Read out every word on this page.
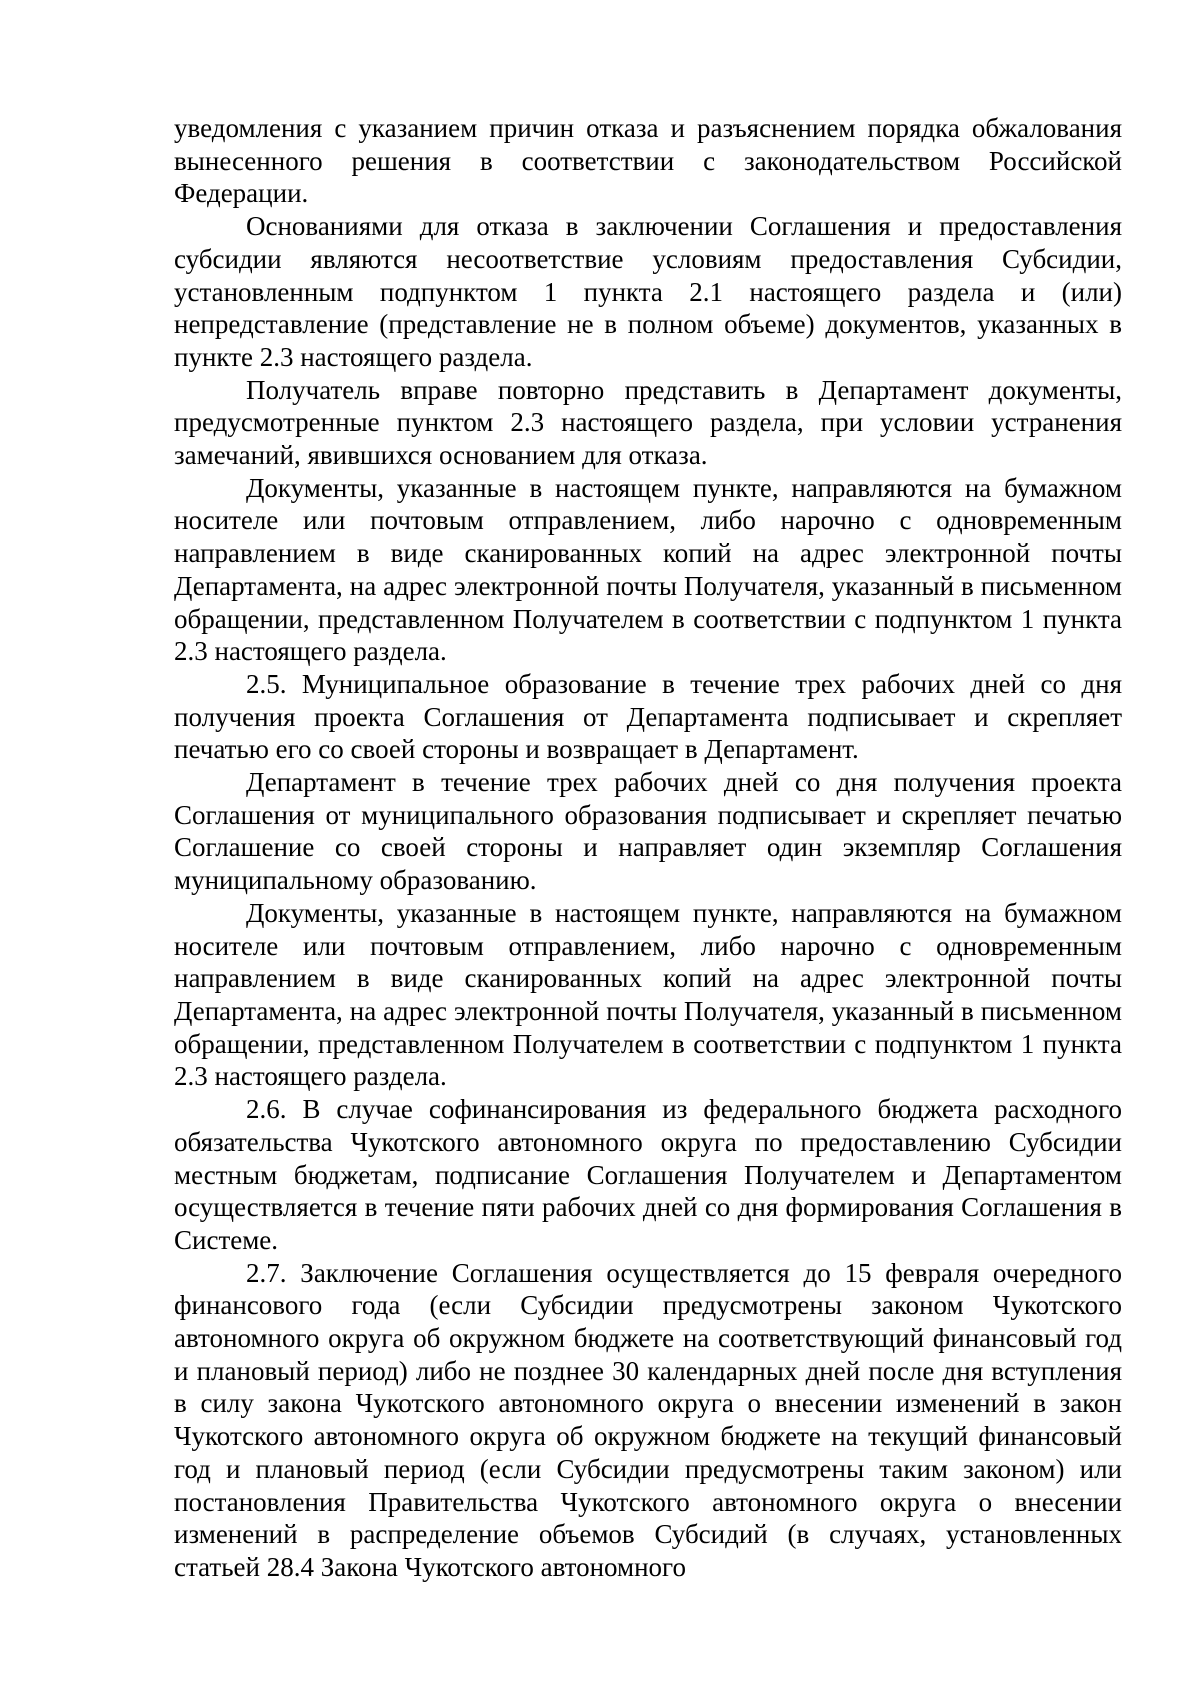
уведомления с указанием причин отказа и разъяснением порядка обжалования вынесенного решения в соответствии с законодательством Российской Федерации.

Основаниями для отказа в заключении Соглашения и предоставления субсидии являются несоответствие условиям предоставления Субсидии, установленным подпунктом 1 пункта 2.1 настоящего раздела и (или) непредставление (представление не в полном объеме) документов, указанных в пункте 2.3 настоящего раздела.

Получатель вправе повторно представить в Департамент документы, предусмотренные пунктом 2.3 настоящего раздела, при условии устранения замечаний, явившихся основанием для отказа.

Документы, указанные в настоящем пункте, направляются на бумажном носителе или почтовым отправлением, либо нарочно с одновременным направлением в виде сканированных копий на адрес электронной почты Департамента, на адрес электронной почты Получателя, указанный в письменном обращении, представленном Получателем в соответствии с подпунктом 1 пункта 2.3 настоящего раздела.

2.5. Муниципальное образование в течение трех рабочих дней со дня получения проекта Соглашения от Департамента подписывает и скрепляет печатью его со своей стороны и возвращает в Департамент.

Департамент в течение трех рабочих дней со дня получения проекта Соглашения от муниципального образования подписывает и скрепляет печатью Соглашение со своей стороны и направляет один экземпляр Соглашения муниципальному образованию.

Документы, указанные в настоящем пункте, направляются на бумажном носителе или почтовым отправлением, либо нарочно с одновременным направлением в виде сканированных копий на адрес электронной почты Департамента, на адрес электронной почты Получателя, указанный в письменном обращении, представленном Получателем в соответствии с подпунктом 1 пункта 2.3 настоящего раздела.

2.6. В случае софинансирования из федерального бюджета расходного обязательства Чукотского автономного округа по предоставлению Субсидии местным бюджетам, подписание Соглашения Получателем и Департаментом осуществляется в течение пяти рабочих дней со дня формирования Соглашения в Системе.

2.7. Заключение Соглашения осуществляется до 15 февраля очередного финансового года (если Субсидии предусмотрены законом Чукотского автономного округа об окружном бюджете на соответствующий финансовый год и плановый период) либо не позднее 30 календарных дней после дня вступления в силу закона Чукотского автономного округа о внесении изменений в закон Чукотского автономного округа об окружном бюджете на текущий финансовый год и плановый период (если Субсидии предусмотрены таким законом) или постановления Правительства Чукотского автономного округа о внесении изменений в распределение объемов Субсидий (в случаях, установленных статьей 28.4 Закона Чукотского автономного
